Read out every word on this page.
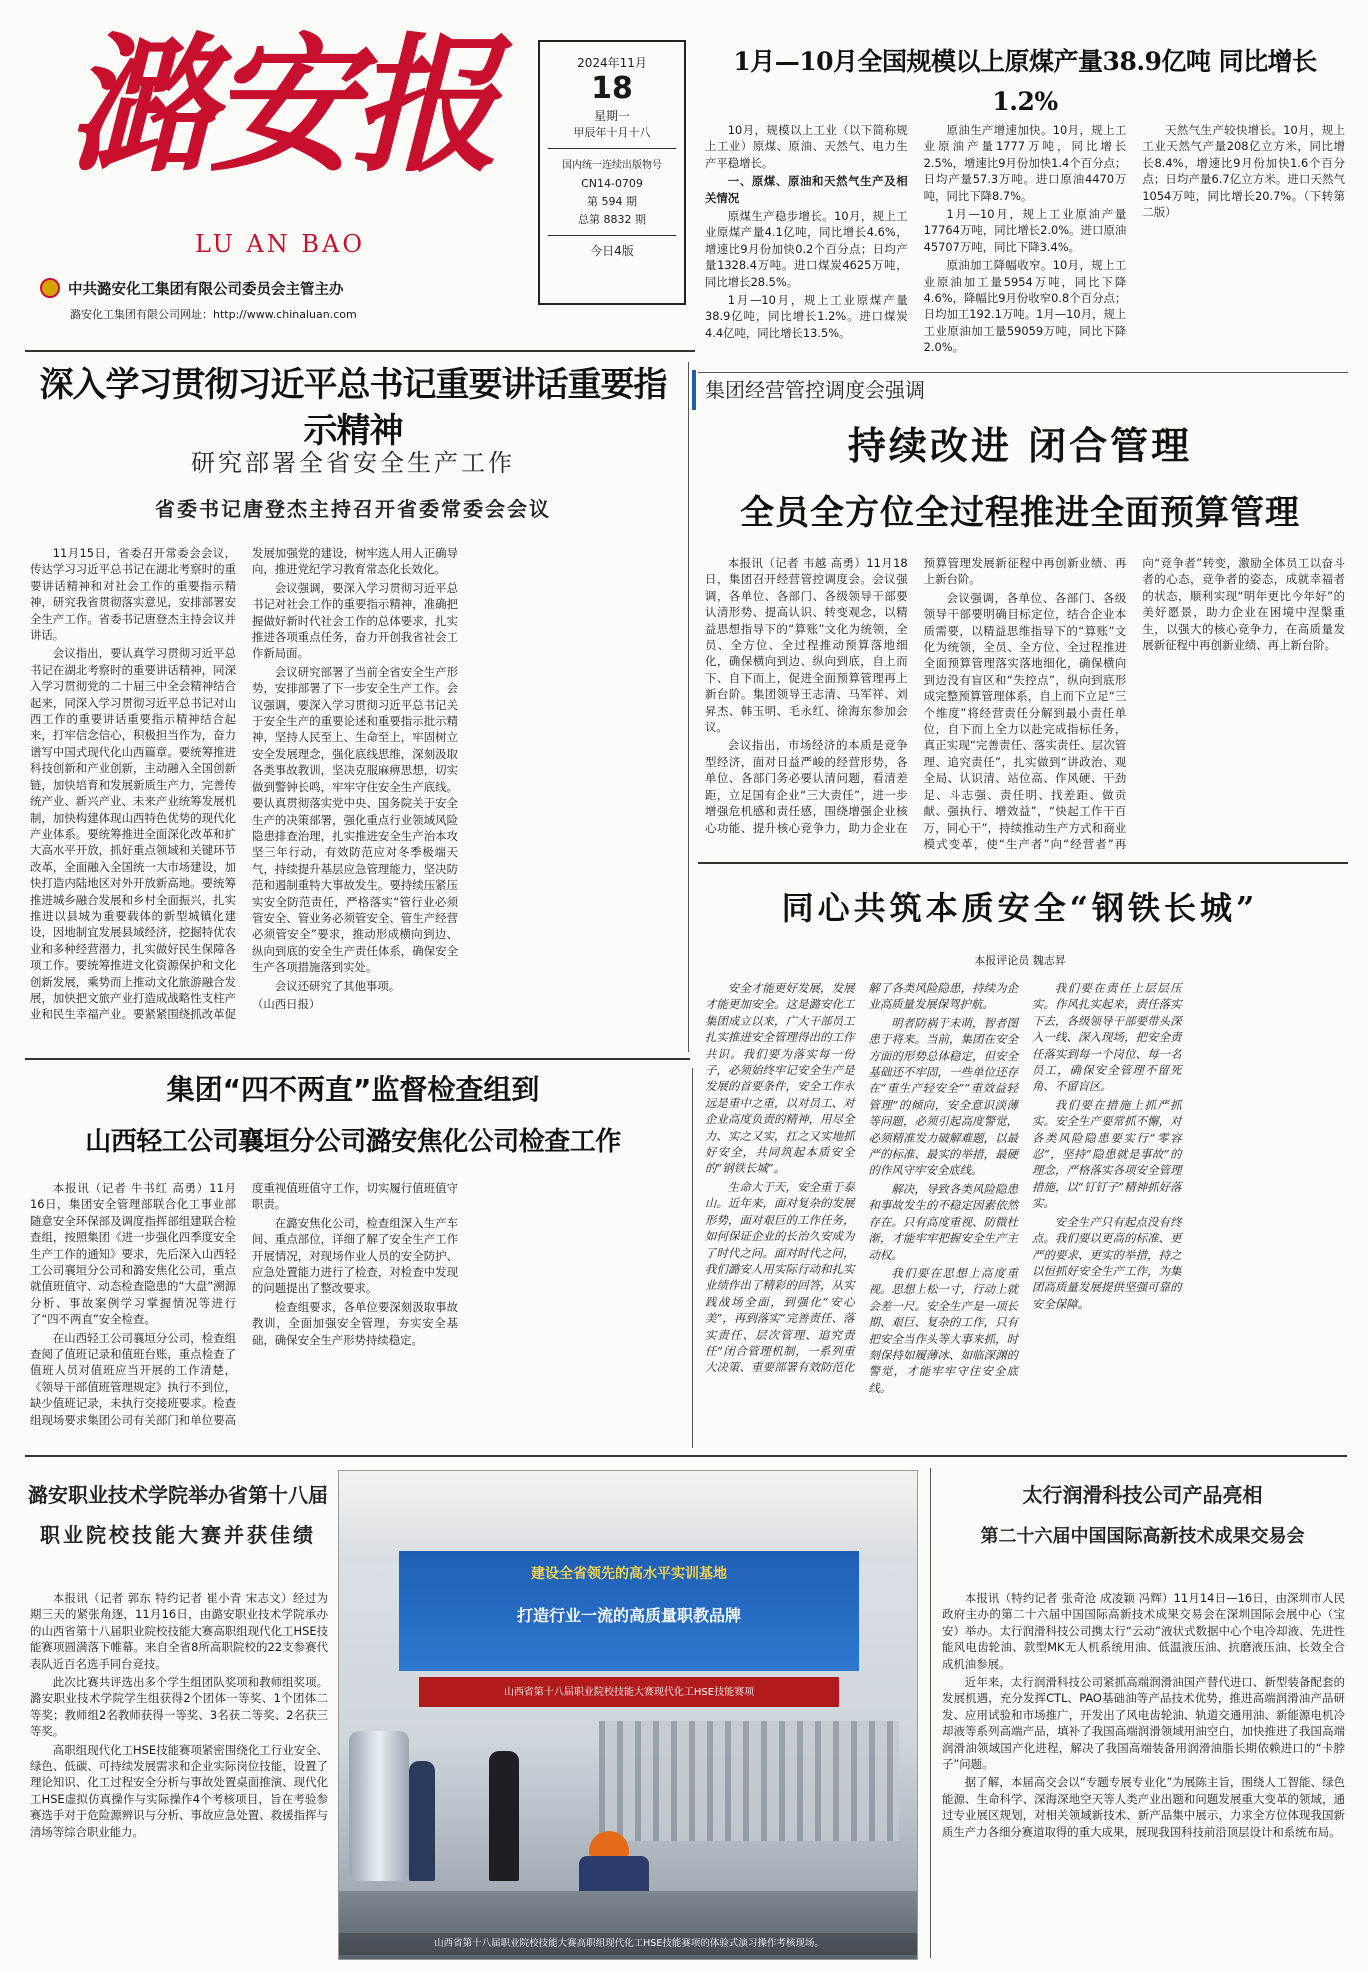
潞安报
LU AN BAO
中共潞安化工集团有限公司委员会主管主办
潞安化工集团有限公司网址：http://www.chinaluan.com
2024年11月
18
星期一
甲辰年十月十八
国内统一连续出版物号
CN14-0709
第 594 期
总第 8832 期
今日4版
1月—10月全国规模以上原煤产量38.9亿吨 同比增长1.2%

10月，规模以上工业（以下简称规上工业）原煤、原油、天然气、电力生产平稳增长。

一、原煤、原油和天然气生产及相关情况

原煤生产稳步增长。10月，规上工业原煤产量4.1亿吨，同比增长4.6%，增速比9月份加快0.2个百分点；日均产量1328.4万吨。进口煤炭4625万吨，同比增长28.5%。

1月—10月，规上工业原煤产量38.9亿吨，同比增长1.2%。进口煤炭4.4亿吨，同比增长13.5%。

原油生产增速加快。10月，规上工业原油产量1777万吨，同比增长2.5%，增速比9月份加快1.4个百分点；日均产量57.3万吨。进口原油4470万吨，同比下降8.7%。

1月—10月，规上工业原油产量17764万吨，同比增长2.0%。进口原油45707万吨，同比下降3.4%。

原油加工降幅收窄。10月，规上工业原油加工量5954万吨，同比下降4.6%，降幅比9月份收窄0.8个百分点；日均加工192.1万吨。1月—10月，规上工业原油加工量59059万吨，同比下降2.0%。

天然气生产较快增长。10月，规上工业天然气产量208亿立方米，同比增长8.4%，增速比9月份加快1.6个百分点；日均产量6.7亿立方米。进口天然气1054万吨，同比增长20.7%。（下转第二版）

深入学习贯彻习近平总书记重要讲话重要指示精神
研究部署全省安全生产工作
省委书记唐登杰主持召开省委常委会会议

11月15日，省委召开常委会会议，传达学习习近平总书记在湖北考察时的重要讲话精神和对社会工作的重要指示精神，研究我省贯彻落实意见，安排部署安全生产工作。省委书记唐登杰主持会议并讲话。

会议指出，要认真学习贯彻习近平总书记在湖北考察时的重要讲话精神，同深入学习贯彻党的二十届三中全会精神结合起来，同深入学习贯彻习近平总书记对山西工作的重要讲话重要指示精神结合起来，打牢信念信心，积极担当作为，奋力谱写中国式现代化山西篇章。要统筹推进科技创新和产业创新，主动融入全国创新链，加快培育和发展新质生产力，完善传统产业、新兴产业、未来产业统筹发展机制，加快构建体现山西特色优势的现代化产业体系。要统筹推进全面深化改革和扩大高水平开放，抓好重点领域和关键环节改革，全面融入全国统一大市场建设，加快打造内陆地区对外开放新高地。要统筹推进城乡融合发展和乡村全面振兴，扎实推进以县城为重要载体的新型城镇化建设，因地制宜发展县域经济，挖掘特优农业和多种经营潜力，扎实做好民生保障各项工作。要统筹推进文化资源保护和文化创新发展，乘势而上推动文化旅游融合发展，加快把文旅产业打造成战略性支柱产业和民生幸福产业。要紧紧围绕抓改革促发展加强党的建设，树牢选人用人正确导向，推进党纪学习教育常态化长效化。

会议强调，要深入学习贯彻习近平总书记对社会工作的重要指示精神，准确把握做好新时代社会工作的总体要求，扎实推进各项重点任务，奋力开创我省社会工作新局面。

会议研究部署了当前全省安全生产形势，安排部署了下一步安全生产工作。会议强调，要深入学习贯彻习近平总书记关于安全生产的重要论述和重要指示批示精神，坚持人民至上、生命至上，牢固树立安全发展理念，强化底线思维，深刻汲取各类事故教训，坚决克服麻痹思想，切实做到警钟长鸣，牢牢守住安全生产底线。要认真贯彻落实党中央、国务院关于安全生产的决策部署，强化重点行业领域风险隐患排查治理，扎实推进安全生产治本攻坚三年行动，有效防范应对冬季极端天气，持续提升基层应急管理能力，坚决防范和遏制重特大事故发生。要持续压紧压实安全防范责任，严格落实“管行业必须管安全、管业务必须管安全、管生产经营必须管安全”要求，推动形成横向到边、纵向到底的安全生产责任体系，确保安全生产各项措施落到实处。

会议还研究了其他事项。

（山西日报）

集团经营管控调度会强调
持续改进 闭合管理
全员全方位全过程推进全面预算管理

本报讯（记者 韦越 高勇）11月18日，集团召开经营管控调度会。会议强调，各单位、各部门、各级领导干部要认清形势、提高认识、转变观念，以精益思想指导下的“算账”文化为统领，全员、全方位、全过程推动预算落地细化，确保横向到边、纵向到底，自上而下、自下而上，促进全面预算管理再上新台阶。集团领导王志清、马军祥、刘昇杰、韩玉明、毛永红、徐海东参加会议。

会议指出，市场经济的本质是竞争型经济，面对日益严峻的经营形势，各单位、各部门务必要认清问题，看清差距，立足国有企业“三大责任”，进一步增强危机感和责任感，围绕增强企业核心功能、提升核心竞争力，助力企业在预算管理发展新征程中再创新业绩、再上新台阶。

会议强调，各单位、各部门、各级领导干部要明确目标定位，结合企业本质需要，以精益思维指导下的“算账”文化为统领，全员、全方位、全过程推进全面预算管理落实落地细化，确保横向到边没有盲区和“失控点”，纵向到底形成完整预算管理体系，自上而下立足“三个维度”将经营责任分解到最小责任单位，自下而上全力以赴完成指标任务，真正实现“完善责任、落实责任、层次管理、追究责任”，扎实做到“讲政治、观全局、认识清、站位高、作风硬、干劲足、斗志强、责任明、找差距、做贡献、强执行、增效益”，“快起工作干百万，同心干”，持续推动生产方式和商业模式变革，使“生产者”向“经营者”再向“竞争者”转变，激励全体员工以奋斗者的心态，竞争者的姿态，成就幸福者的状态，顺利实现“明年更比今年好”的美好愿景，助力企业在困境中涅槃重生，以强大的核心竞争力，在高质量发展新征程中再创新业绩、再上新台阶。

同心共筑本质安全“钢铁长城”
本报评论员 魏志昇

安全才能更好发展，发展才能更加安全。这是潞安化工集团成立以来，广大干部员工扎实推进安全管理得出的工作共识。我们要为落实每一份子，必须始终牢记安全生产是发展的首要条件，安全工作永远是重中之重，以对员工、对企业高度负责的精神，用尽全力、实之又实，扛之又实地抓好安全，共同筑起本质安全的“钢铁长城”。

生命大于天，安全重于泰山。近年来，面对复杂的发展形势，面对艰巨的工作任务，如何保证企业的长治久安成为了时代之问。面对时代之问，我们潞安人用实际行动和扎实业绩作出了精彩的回答，从实践战场全面，到强化“安心美”，再到落实“完善责任、落实责任、层次管理、追究责任”闭合管理机制，一系列重大决策、重要部署有效防范化解了各类风险隐患，持续为企业高质量发展保驾护航。

明者防祸于未萌，智者图患于将来。当前，集团在安全方面的形势总体稳定，但安全基础还不牢固，一些单位还存在“重生产轻安全”“重效益轻管理”的倾向，安全意识淡薄等问题，必须引起高度警觉，必须精准发力破解难题，以最严的标准、最实的举措，最硬的作风守牢安全底线。

解决，导致各类风险隐患和事故发生的不稳定因素依然存在。只有高度重视、防微杜渐，才能牢牢把握安全生产主动权。

我们要在思想上高度重视。思想上松一寸，行动上就会差一尺。安全生产是一项长期、艰巨、复杂的工作，只有把安全当作头等大事来抓，时刻保持如履薄冰、如临深渊的警觉，才能牢牢守住安全底线。

我们要在责任上层层压实。作风扎实起来，责任落实下去，各级领导干部要带头深入一线、深入现场，把安全责任落实到每一个岗位、每一名员工，确保安全管理不留死角、不留盲区。

我们要在措施上抓严抓实。安全生产要常抓不懈，对各类风险隐患要实行“零容忍”，坚持“隐患就是事故”的理念，严格落实各项安全管理措施，以“钉钉子”精神抓好落实。

安全生产只有起点没有终点。我们要以更高的标准、更严的要求、更实的举措，持之以恒抓好安全生产工作，为集团高质量发展提供坚强可靠的安全保障。

集团“四不两直”监督检查组到
山西轻工公司襄垣分公司潞安焦化公司检查工作

本报讯（记者 牛书红 高勇）11月16日，集团安全管理部联合化工事业部随意安全环保部及调度指挥部组建联合检查组，按照集团《进一步强化四季度安全生产工作的通知》要求，先后深入山西轻工公司襄垣分公司和潞安焦化公司，重点就值班值守、动态检查隐患的“大盘”溯源分析、事故案例学习掌握情况等进行了“四不两直”安全检查。

在山西轻工公司襄垣分公司，检查组查阅了值班记录和值班台账，重点检查了值班人员对值班应当开展的工作清楚，《领导干部值班管理规定》执行不到位，缺少值班记录，未执行交接班要求。检查组现场要求集团公司有关部门和单位要高度重视值班值守工作，切实履行值班值守职责。

在潞安焦化公司，检查组深入生产车间、重点部位，详细了解了安全生产工作开展情况，对现场作业人员的安全防护、应急处置能力进行了检查，对检查中发现的问题提出了整改要求。

检查组要求，各单位要深刻汲取事故教训，全面加强安全管理，夯实安全基础，确保安全生产形势持续稳定。

潞安职业技术学院举办省第十八届
职业院校技能大赛并获佳绩

本报讯（记者 郭东 特约记者 崔小青 宋志文）经过为期三天的紧张角逐，11月16日，由潞安职业技术学院承办的山西省第十八届职业院校技能大赛高职组现代化工HSE技能赛项圆满落下帷幕。来自全省8所高职院校的22支参赛代表队近百名选手同台竞技。

此次比赛共评选出多个学生组团队奖项和教师组奖项。潞安职业技术学院学生组获得2个团体一等奖、1个团体二等奖；教师组2名教师获得一等奖、3名获二等奖、2名获三等奖。

高职组现代化工HSE技能赛项紧密围绕化工行业安全、绿色、低碳、可持续发展需求和企业实际岗位技能，设置了理论知识、化工过程安全分析与事故处置桌面推演、现代化工HSE虚拟仿真操作与实际操作4个考核项目，旨在考验参赛选手对于危险源辨识与分析、事故应急处置、救援指挥与清场等综合职业能力。

建设全省领先的高水平实训基地
打造行业一流的高质量职教品牌
山西省第十八届职业院校技能大赛现代化工HSE技能赛项
山西省第十八届职业院校技能大赛高职组现代化工HSE技能赛项的体验式演习操作考核现场。
太行润滑科技公司产品亮相
第二十六届中国国际高新技术成果交易会

本报讯（特约记者 张奇沧 成凌颖 冯辉）11月14日—16日，由深圳市人民政府主办的第二十六届中国国际高新技术成果交易会在深圳国际会展中心（宝安）举办。太行润滑科技公司携太行“云动”液状式数据中心个电冷却液、先进性能风电齿轮油、款型MK无人机系统用油、低温液压油、抗磨液压油、长效全合成机油参展。

近年来，太行润滑科技公司紧抓高端润滑油国产替代进口、新型装备配套的发展机遇，充分发挥CTL、PAO基础油等产品技术优势，推进高端润滑油产品研发、应用试验和市场推广，开发出了风电齿轮油、轨道交通用油、新能源电机冷却液等系列高端产品，填补了我国高端润滑领域用油空白，加快推进了我国高端润滑油领域国产化进程，解决了我国高端装备用润滑油脂长期依赖进口的“卡脖子”问题。

据了解，本届高交会以“专题专展专业化”为展陈主旨，围绕人工智能、绿色能源、生命科学、深海深地空天等人类产业出题和问题发展重大变革的领域，通过专业展区规划，对相关领域新技术、新产品集中展示，力求全方位体现我国新质生产力各细分赛道取得的重大成果，展现我国科技前沿顶层设计和系统布局。
